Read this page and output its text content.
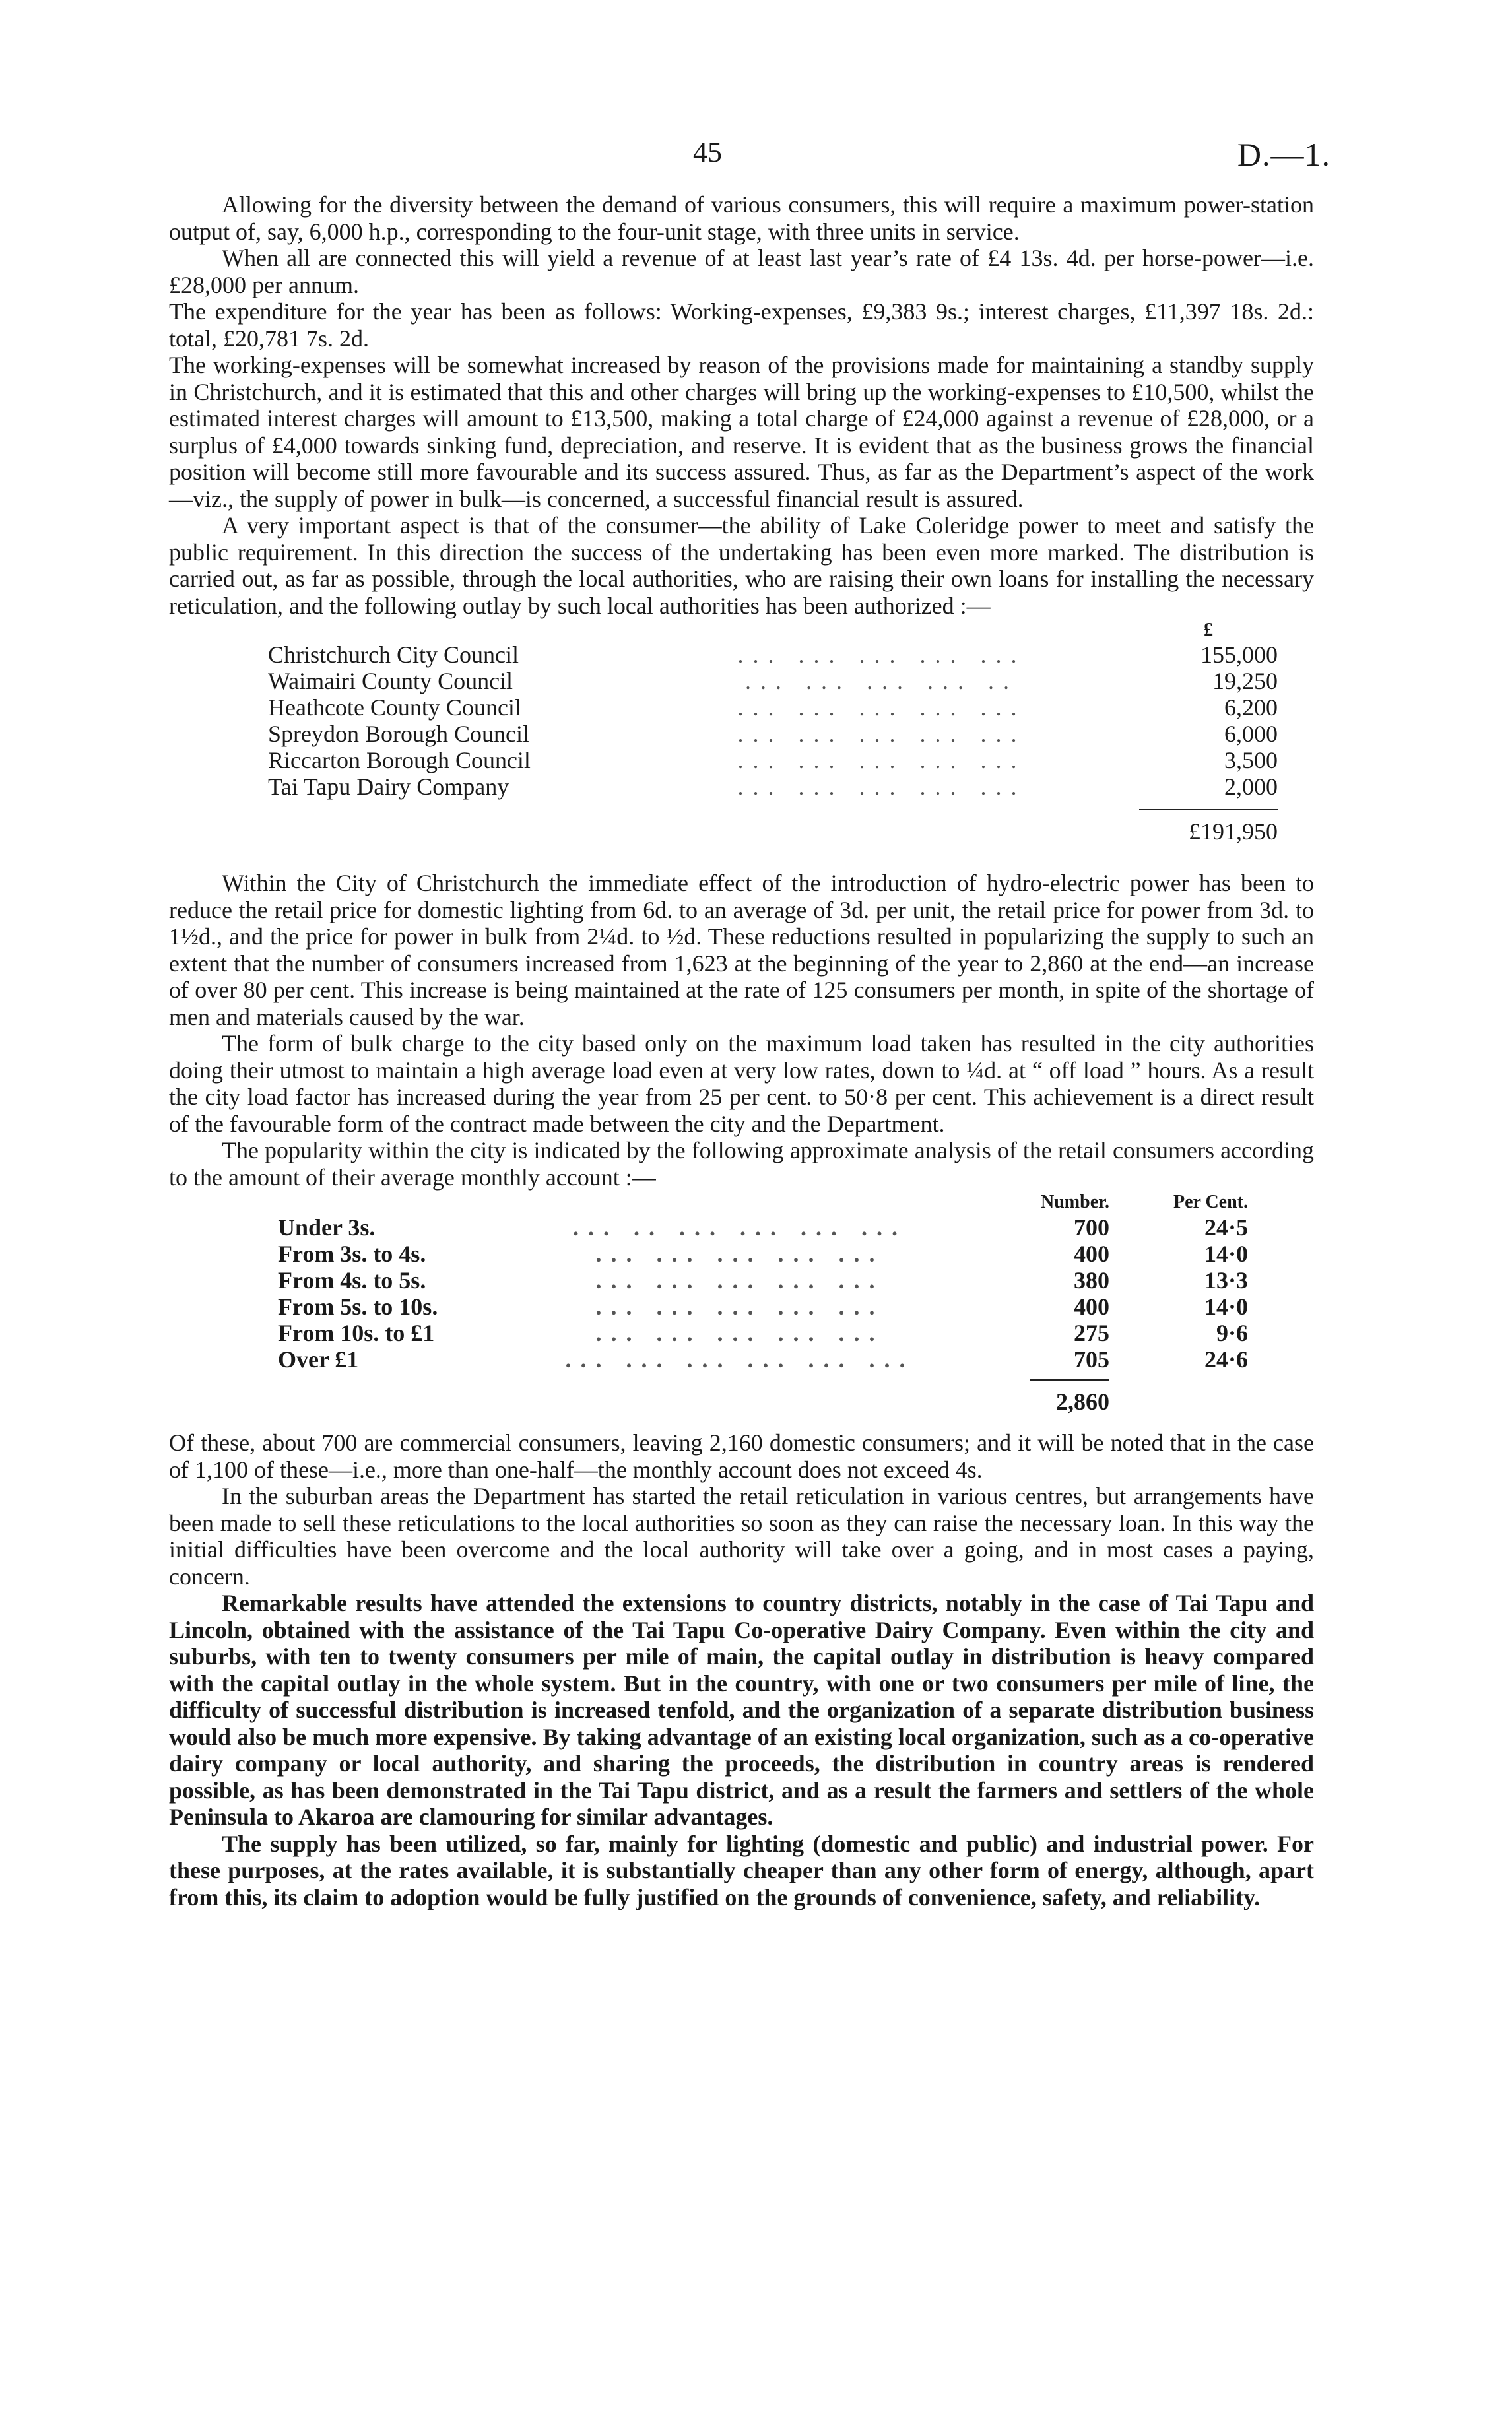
45	D.—1.

Allowing for the diversity between the demand of various consumers, this will require a maximum power-station output of, say, 6,000 h.p., corresponding to the four-unit stage, with three units in service.

When all are connected this will yield a revenue of at least last year’s rate of £4 13s. 4d. per horse-power—i.e. £28,000 per annum.

The expenditure for the year has been as follows: Working-expenses, £9,383 9s.; interest charges, £11,397 18s. 2d.: total, £20,781 7s. 2d.

The working-expenses will be somewhat increased by reason of the provisions made for maintaining a standby supply in Christchurch, and it is estimated that this and other charges will bring up the working-expenses to £10,500, whilst the estimated interest charges will amount to £13,500, making a total charge of £24,000 against a revenue of £28,000, or a surplus of £4,000 towards sinking fund, depreciation, and reserve. It is evident that as the business grows the financial position will become still more favourable and its success assured. Thus, as far as the Department’s aspect of the work—viz., the supply of power in bulk—is concerned, a successful financial result is assured.

A very important aspect is that of the consumer—the ability of Lake Coleridge power to meet and satisfy the public requirement. In this direction the success of the undertaking has been even more marked. The distribution is carried out, as far as possible, through the local authorities, who are raising their own loans for installing the necessary reticulation, and the following outlay by such local authorities has been authorized :—

		£
Christchurch City Council	... ... ... ... ...	155,000
Waimairi County Council	... ... ... ... ..	19,250
Heathcote County Council	... ... ... ... ...	6,200
Spreydon Borough Council	... ... ... ... ...	6,000
Riccarton Borough Council	... ... ... ... ...	3,500
Tai Tapu Dairy Company	... ... ... ... ...	2,000

		£191,950

Within the City of Christchurch the immediate effect of the introduction of hydro-electric power has been to reduce the retail price for domestic lighting from 6d. to an average of 3d. per unit, the retail price for power from 3d. to 1½d., and the price for power in bulk from 2¼d. to ½d. These reductions resulted in popularizing the supply to such an extent that the number of consumers increased from 1,623 at the beginning of the year to 2,860 at the end—an increase of over 80 per cent. This increase is being maintained at the rate of 125 consumers per month, in spite of the shortage of men and materials caused by the war.

The form of bulk charge to the city based only on the maximum load taken has resulted in the city authorities doing their utmost to maintain a high average load even at very low rates, down to ¼d. at “ off load ” hours. As a result the city load factor has increased during the year from 25 per cent. to 50·8 per cent. This achievement is a direct result of the favourable form of the contract made between the city and the Department.

The popularity within the city is indicated by the following approximate analysis of the retail consumers according to the amount of their average monthly account :—

		Number.	Per Cent.
Under 3s.	... .. ... ... ... ...	700	24·5
From 3s. to 4s.	... ... ... ... ...	400	14·0
From 4s. to 5s.	... ... ... ... ...	380	13·3
From 5s. to 10s.	... ... ... ... ...	400	14·0
From 10s. to £1	... ... ... ... ...	275	9·6
Over £1	... ... ... ... ... ...	705	24·6

		2,860	

Of these, about 700 are commercial consumers, leaving 2,160 domestic consumers; and it will be noted that in the case of 1,100 of these—i.e., more than one-half—the monthly account does not exceed 4s.

In the suburban areas the Department has started the retail reticulation in various centres, but arrangements have been made to sell these reticulations to the local authorities so soon as they can raise the necessary loan. In this way the initial difficulties have been overcome and the local authority will take over a going, and in most cases a paying, concern.

Remarkable results have attended the extensions to country districts, notably in the case of Tai Tapu and Lincoln, obtained with the assistance of the Tai Tapu Co-operative Dairy Company. Even within the city and suburbs, with ten to twenty consumers per mile of main, the capital outlay in distribution is heavy compared with the capital outlay in the whole system. But in the country, with one or two consumers per mile of line, the difficulty of successful distribution is increased tenfold, and the organization of a separate distribution business would also be much more expensive. By taking advantage of an existing local organization, such as a co-operative dairy company or local authority, and sharing the proceeds, the distribution in country areas is rendered possible, as has been demonstrated in the Tai Tapu district, and as a result the farmers and settlers of the whole Peninsula to Akaroa are clamouring for similar advantages.

The supply has been utilized, so far, mainly for lighting (domestic and public) and industrial power. For these purposes, at the rates available, it is substantially cheaper than any other form of energy, although, apart from this, its claim to adoption would be fully justified on the grounds of convenience, safety, and reliability.
